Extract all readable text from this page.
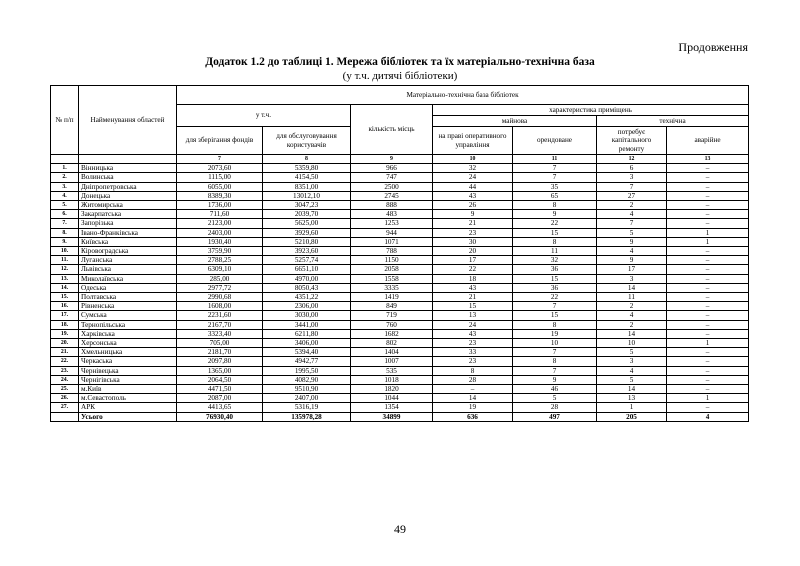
Продовження
Додаток 1.2 до таблиці 1. Мережа бібліотек та їх матеріально-технічна база
(у т.ч. дитячі бібліотеки)
№ п/п	Найменування областей	Матеріально-технічна база бібліотек						
		у т.ч.		кількість місць	характеристика приміщень			
					майнова		технічна	
		для зберігання фондів	для обслуговування користувачів		на праві оперативного управління	орендоване	потребує капітального ремонту	аварійне
		7	8	9	10	11	12	13
1.	Вінницька	2073,60	5359,80	966	32	7	6	–
2.	Волинська	1115,00	4154,50	747	24	7	3	–
3.	Дніпропетровська	6055,00	8351,00	2500	44	35	7	–
4.	Донецька	8389,30	13012,10	2745	43	65	27	–
5.	Житомирська	1736,00	3047,23	888	26	8	2	–
6.	Закарпатська	711,60	2039,70	483	9	9	4	–
7.	Запорізька	2123,00	5625,00	1253	21	22	7	–
8.	Івано-Франківська	2403,00	3929,60	944	23	15	5	1
9.	Київська	1930,40	5210,80	1071	30	8	9	1
10.	Кіровоградська	3759,90	3923,60	788	20	11	4	–
11.	Луганська	2788,25	5257,74	1150	17	32	9	–
12.	Львівська	6309,10	6651,10	2058	22	36	17	–
13.	Миколаївська	285,00	4970,00	1558	18	15	3	–
14.	Одеська	2977,72	8050,43	3335	43	36	14	–
15.	Полтавська	2990,68	4351,22	1419	21	22	11	–
16.	Рівненська	1608,00	2306,00	849	15	7	2	–
17.	Сумська	2231,60	3030,00	719	13	15	4	–
18.	Тернопільська	2167,70	3441,00	760	24	8	2	–
19.	Харківська	3323,40	6211,80	1682	43	19	14	–
20.	Херсонська	705,00	3406,00	802	23	10	10	1
21.	Хмельницька	2181,70	5394,40	1404	33	7	5	–
22.	Черкаська	2097,80	4942,77	1007	23	8	3	–
23.	Чернівецька	1365,00	1995,50	535	8	7	4	–
24.	Чернігівська	2064,50	4082,90	1018	28	9	5	–
25.	м.Київ	4471,50	9510,90	1820	–	46	14	–
26.	м.Севастополь	2087,00	2407,00	1044	14	5	13	1
27.	АРК	4413,65	5316,19	1354	19	28	1	–
	Усього	76930,40	135978,28	34899	636	497	205	4
49
